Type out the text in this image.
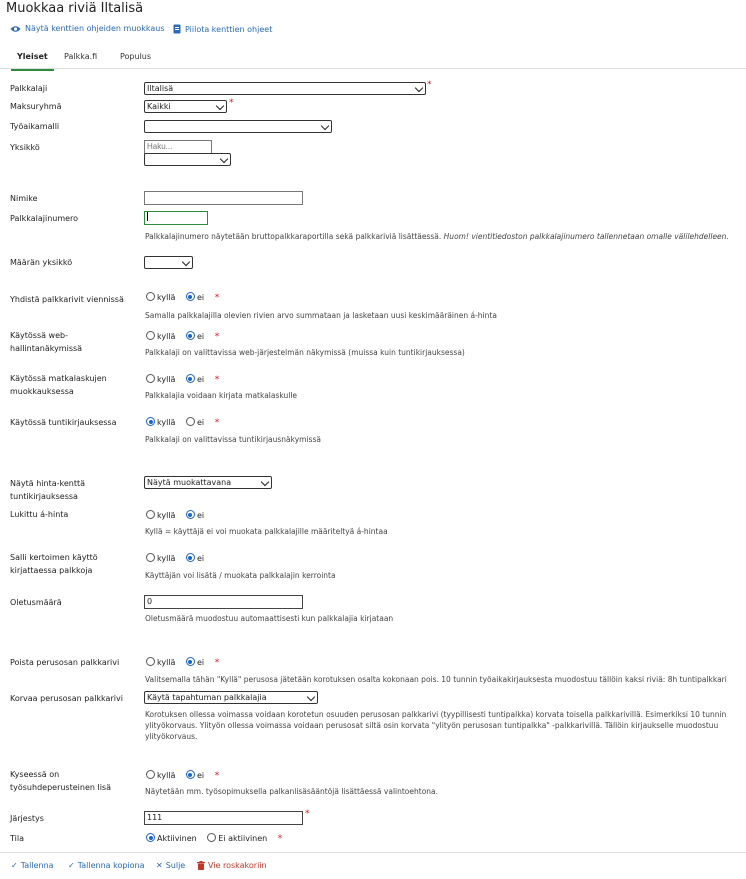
Muokkaa riviä Iltalisä
Näytä kenttien ohjeiden muokkaus	Piilota kenttien ohjeet
Yleiset	Palkka.fi	Populus
Palkkalaji	Iltalisä	*
Maksuryhmä	Kaikki	*
Työaikamalli
Yksikkö
Haku...
Nimike
Palkkalajinumero
Palkkalajinumero näytetään bruttopalkkaraportilla sekä palkkariviä lisättäessä. Huom! vientitiedoston palkkalajinumero tallennetaan omalle välilehdelleen.
Määrän yksikkö
Yhdistä palkkarivit viennissä	kyllä	ei *
Samalla palkkalajilla olevien rivien arvo summataan ja lasketaan uusi keskimääräinen á-hinta
Käytössä web-
hallintanäkymissä
kyllä	ei *
Palkkalaji on valittavissa web-järjestelmän näkymissä (muissa kuin tuntikirjauksessa)
Käytössä matkalaskujen
muokkauksessa
kyllä	ei *
Palkkalajia voidaan kirjata matkalaskulle
Käytössä tuntikirjauksessa	kyllä	ei *
Palkkalaji on valittavissa tuntikirjausnäkymissä
Näytä hinta-kenttä
tuntikirjauksessa
Näytä muokattavana
Lukittu á-hinta	kyllä	ei
Kyllä = käyttäjä ei voi muokata palkkalajille määriteltyä á-hintaa
Salli kertoimen käyttö
kirjattaessa palkkoja
kyllä	ei
Käyttäjän voi lisätä / muokata palkkalajin kerrointa
Oletusmäärä	0
Oletusmäärä muodostuu automaattisesti kun palkkalajia kirjataan
Poista perusosan palkkarivi	kyllä	ei *
Valitsemalla tähän "Kyllä" perusosa jätetään korotuksen osalta kokonaan pois. 10 tunnin työaikakirjauksesta muodostuu tällöin kaksi riviä: 8h tuntipalkkari
Korvaa perusosan palkkarivi	Käytä tapahtuman palkkalajia
Korotuksen ollessa voimassa voidaan korotetun osuuden perusosan palkkarivi (tyypillisesti tuntipalkka) korvata toisella palkkarivillä. Esimerkiksi 10 tunnin
ylityökorvaus. Ylityön ollessa voimassa voidaan perusosat siltä osin korvata "ylityön perusosan tuntipalkka" -palkkarivillä. Tällöin kirjaukselle muodostuu
ylityökorvaus.
Kyseessä on
työsuhdeperusteinen lisä
kyllä	ei *
Näytetään mm. työsopimuksella palkanlisäsääntöjä lisättäessä valintoehtona.
Järjestys	111	*
Tila	Aktiivinen	Ei aktiivinen *
✓ Tallenna ✓ Tallenna kopiona ✕ Sulje	Vie roskakoriin
